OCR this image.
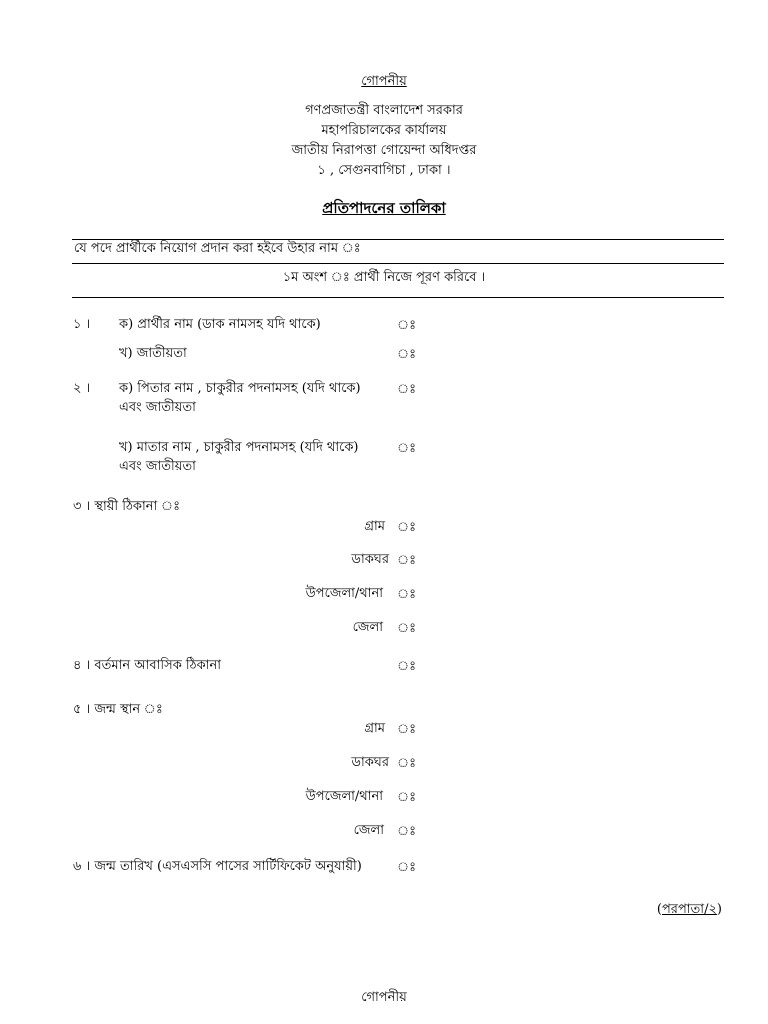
গোপনীয়
গণপ্রজাতন্ত্রী বাংলাদেশ সরকার
মহাপরিচালকের কার্যালয়
জাতীয় নিরাপত্তা গোয়েন্দা অধিদপ্তর
১ , সেগুনবাগিচা , ঢাকা ।
প্রতিপাদনের তালিকা
যে পদে প্রার্থীকে নিয়োগ প্রদান করা হইবে উহার নাম ঃ
১ম অংশ ঃ প্রার্থী নিজে পূরণ করিবে ।
১ । ক) প্রার্থীর নাম (ডাক নামসহ যদি থাকে)	ঃ
খ) জাতীয়তা	ঃ
২ । ক) পিতার নাম , চাকুরীর পদনামসহ (যদি থাকে)	ঃ
এবং জাতীয়তা
খ) মাতার নাম , চাকুরীর পদনামসহ (যদি থাকে)	ঃ
এবং জাতীয়তা
৩ । স্থায়ী ঠিকানা ঃ
গ্রাম ঃ
ডাকঘর ঃ
উপজেলা/থানা ঃ
জেলা ঃ
৪ । বর্তমান আবাসিক ঠিকানা	ঃ
৫ । জন্ম স্থান ঃ
গ্রাম ঃ
ডাকঘর ঃ
উপজেলা/থানা ঃ
জেলা ঃ
৬ । জন্ম তারিখ (এসএসসি পাসের সার্টিফিকেট অনুযায়ী)	ঃ
(পরপাতা/২)
গোপনীয়
